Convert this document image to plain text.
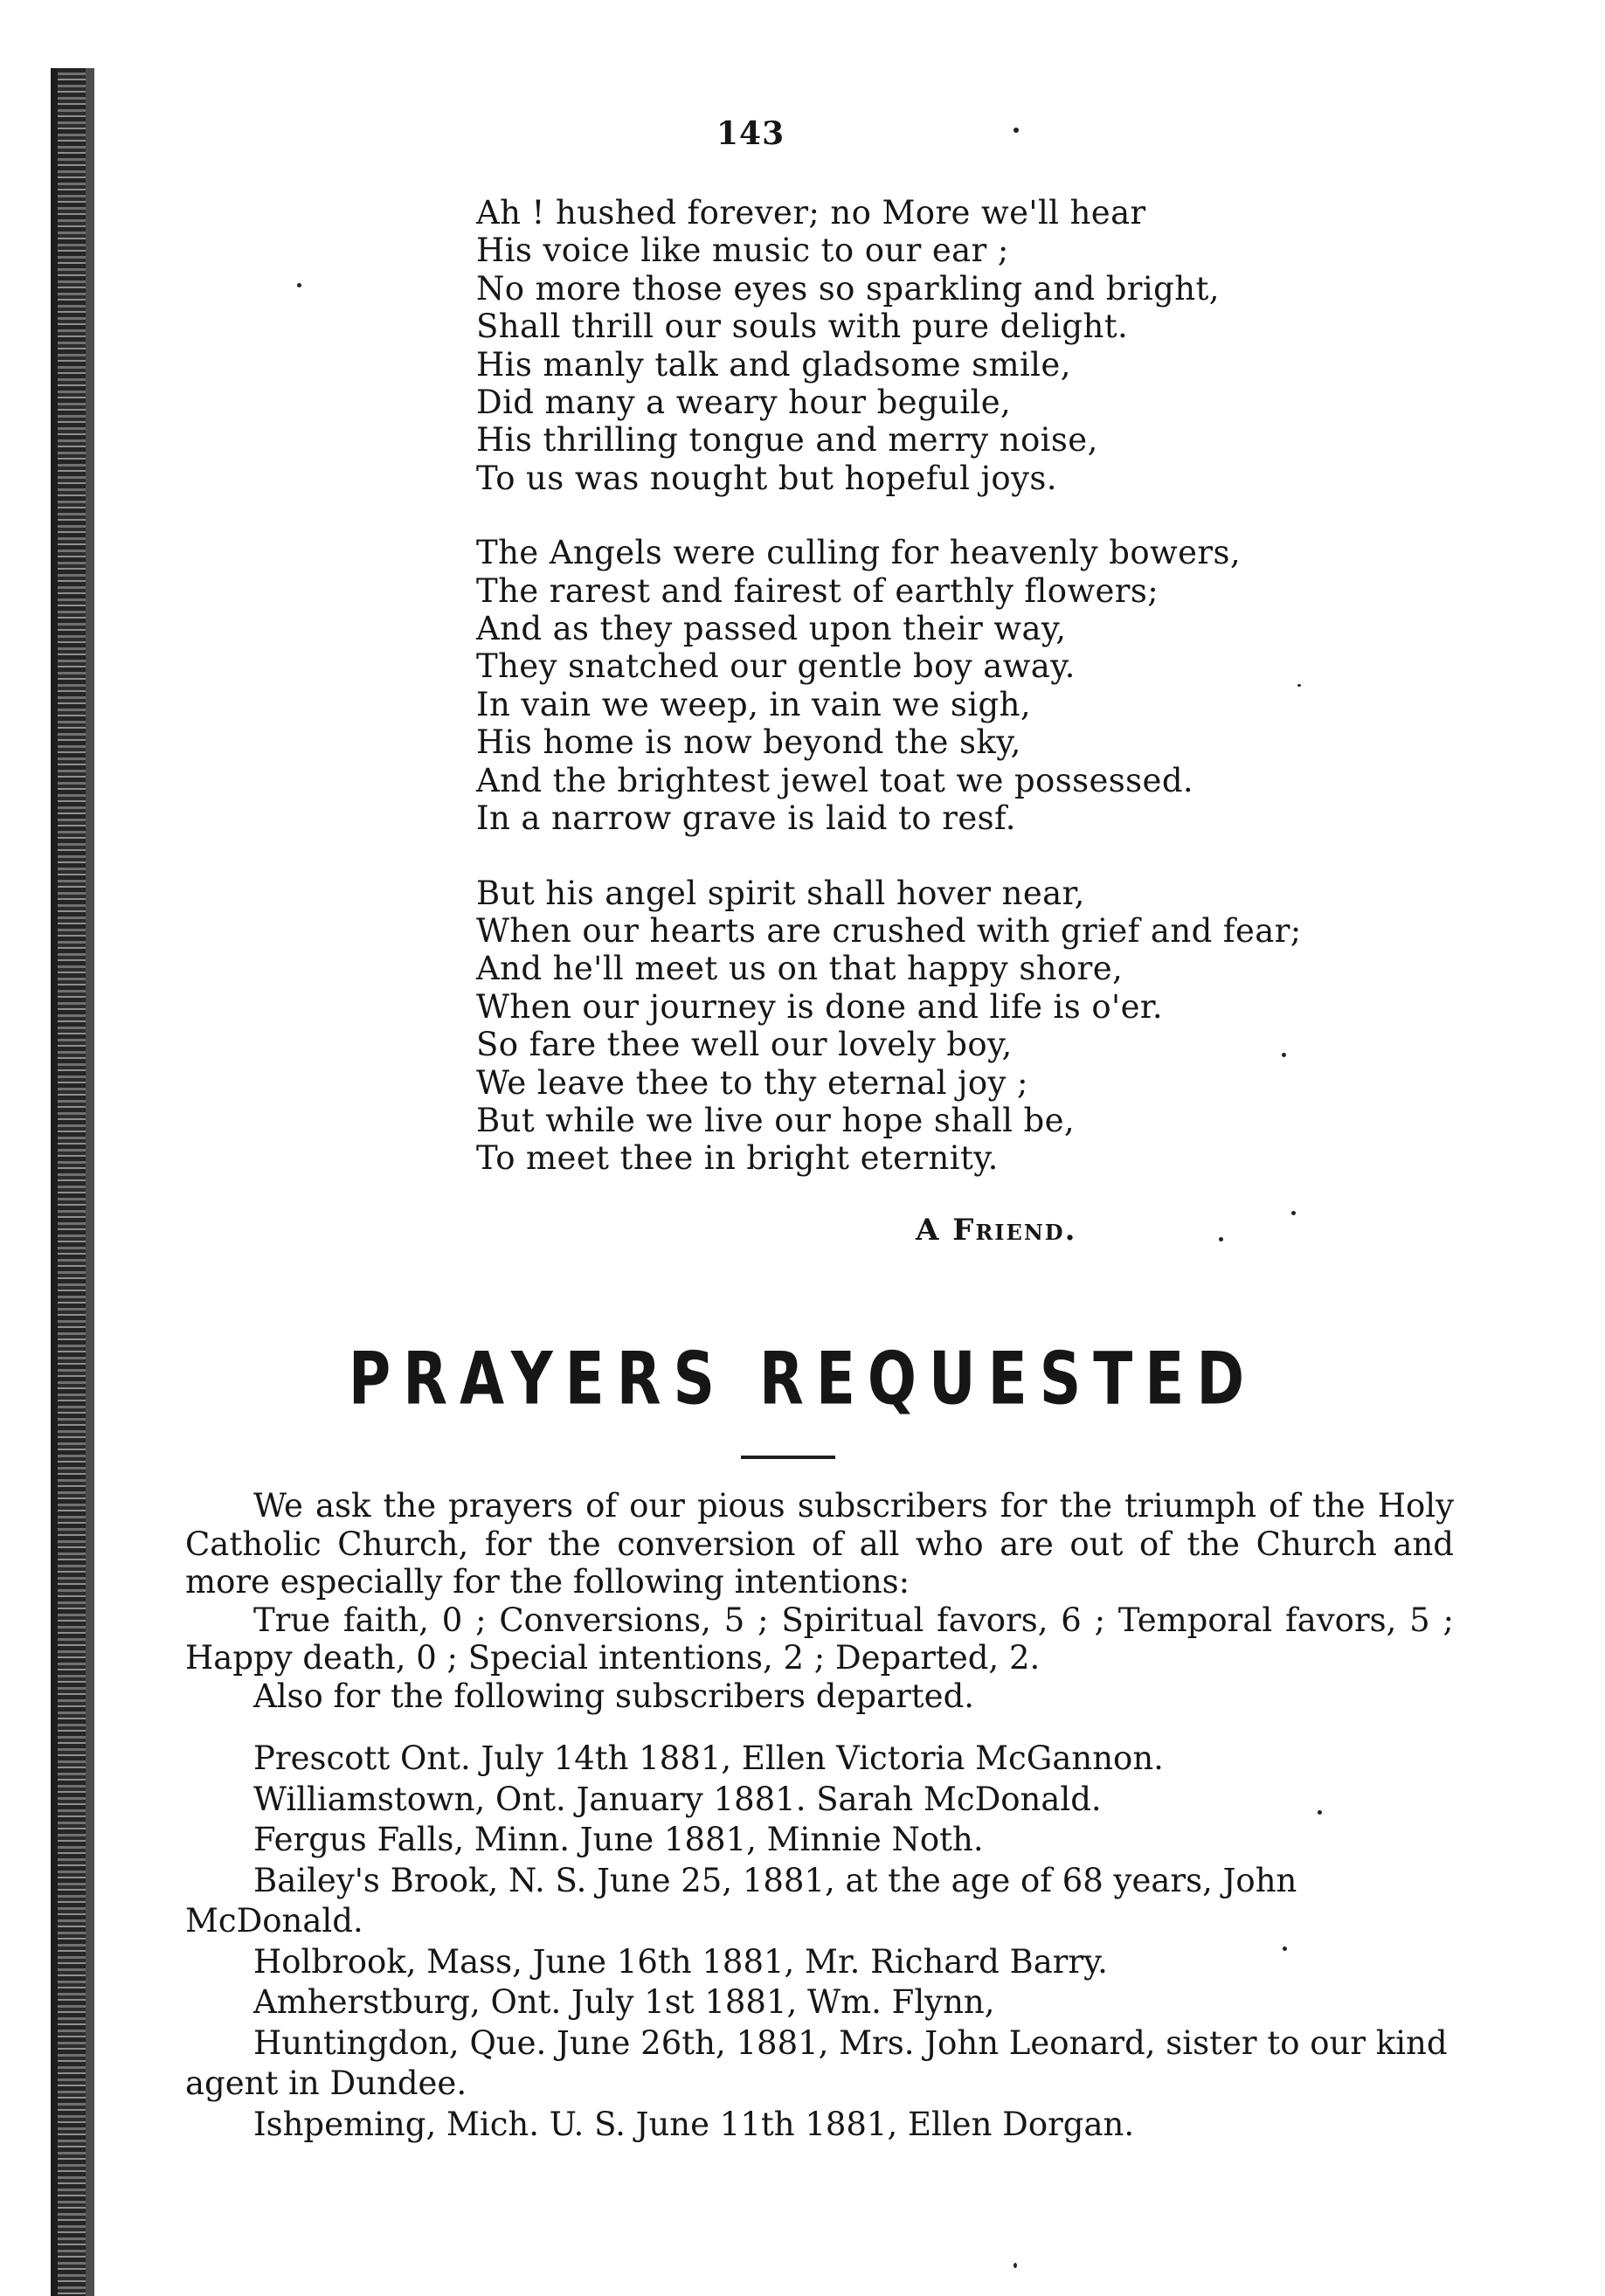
143
Ah ! hushed forever; no More we'll hear
His voice like music to our ear ;
No more those eyes so sparkling and bright,
Shall thrill our souls with pure delight.
His manly talk and gladsome smile,
Did many a weary hour beguile,
His thrilling tongue and merry noise,
To us was nought but hopeful joys.
The Angels were culling for heavenly bowers,
The rarest and fairest of earthly flowers;
And as they passed upon their way,
They snatched our gentle boy away.
In vain we weep, in vain we sigh,
His home is now beyond the sky,
And the brightest jewel toat we possessed.
In a narrow grave is laid to resf.
But his angel spirit shall hover near,
When our hearts are crushed with grief and fear;
And he'll meet us on that happy shore,
When our journey is done and life is o'er.
So fare thee well our lovely boy,
We leave thee to thy eternal joy ;
But while we live our hope shall be,
To meet thee in bright eternity.
A Friend.
PRAYERS REQUESTED

We ask the prayers of our pious subscribers for the triumph of the Holy Catholic Church, for the conversion of all who are out of the Church and more especially for the following intentions:

True faith, 0 ; Conversions, 5 ; Spiritual favors, 6 ; Temporal favors, 5 ; Happy death, 0 ; Special intentions, 2 ; Departed, 2.

Also for the following subscribers departed.

Prescott Ont. July 14th 1881, Ellen Victoria McGannon.

Williamstown, Ont. January 1881. Sarah McDonald.

Fergus Falls, Minn. June 1881, Minnie Noth.

Bailey's Brook, N. S. June 25, 1881, at the age of 68 years, John McDonald.

Holbrook, Mass, June 16th 1881, Mr. Richard Barry.

Amherstburg, Ont. July 1st 1881, Wm. Flynn,

Huntingdon, Que. June 26th, 1881, Mrs. John Leonard, sister to our kind agent in Dundee.

Ishpeming, Mich. U. S. June 11th 1881, Ellen Dorgan.
